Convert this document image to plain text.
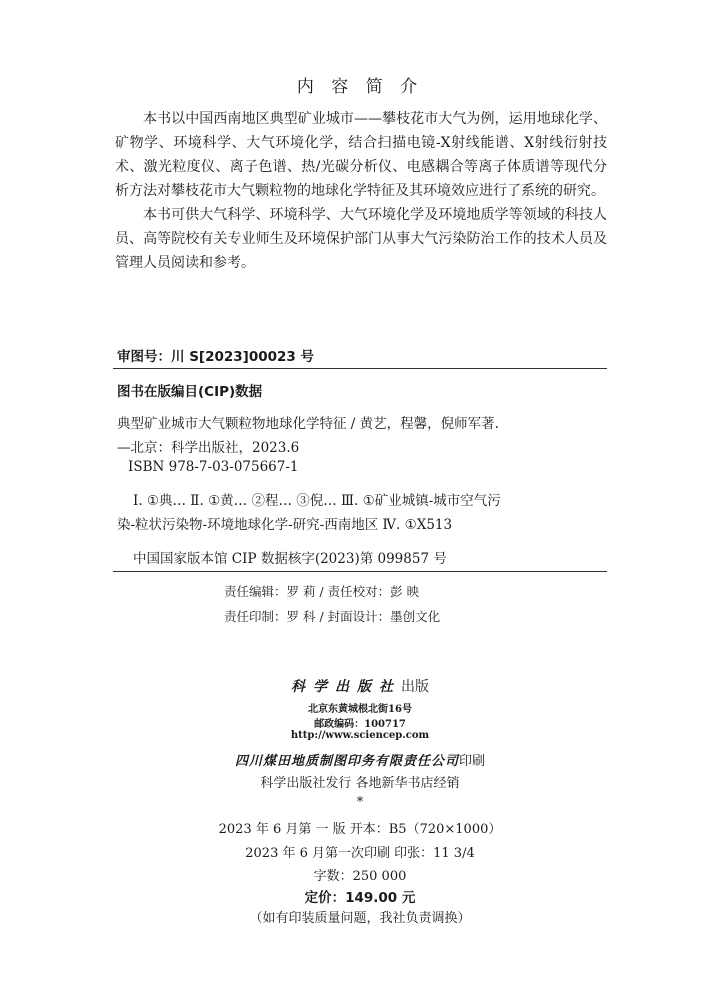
内 容 简 介

本书以中国西南地区典型矿业城市——攀枝花市大气为例，运用地球化学、矿物学、环境科学、大气环境化学，结合扫描电镜-X射线能谱、X射线衍射技术、激光粒度仪、离子色谱、热/光碳分析仪、电感耦合等离子体质谱等现代分析方法对攀枝花市大气颗粒物的地球化学特征及其环境效应进行了系统的研究。

本书可供大气科学、环境科学、大气环境化学及环境地质学等领域的科技人员、高等院校有关专业师生及环境保护部门从事大气污染防治工作的技术人员及管理人员阅读和参考。

审图号：川 S[2023]00023 号
图书在版编目(CIP)数据
典型矿业城市大气颗粒物地球化学特征 / 黄艺，程馨，倪师军著.
—北京：科学出版社，2023.6
ISBN 978-7-03-075667-1
Ⅰ. ①典… Ⅱ. ①黄… ②程… ③倪… Ⅲ. ①矿业城镇-城市空气污
染-粒状污染物-环境地球化学-研究-西南地区 Ⅳ. ①X513
中国国家版本馆 CIP 数据核字(2023)第 099857 号
责任编辑：罗 莉 / 责任校对：彭 映
责任印制：罗 科 / 封面设计：墨创文化
科学出版社出版
北京东黄城根北街16号
邮政编码：100717
http://www.sciencep.com
四川煤田地质制图印务有限责任公司印刷
科学出版社发行 各地新华书店经销
*
2023 年 6 月第 一 版 开本：B5（720×1000）
2023 年 6 月第一次印刷 印张：11 3/4
字数：250 000
定价：149.00 元
（如有印装质量问题，我社负责调换）
